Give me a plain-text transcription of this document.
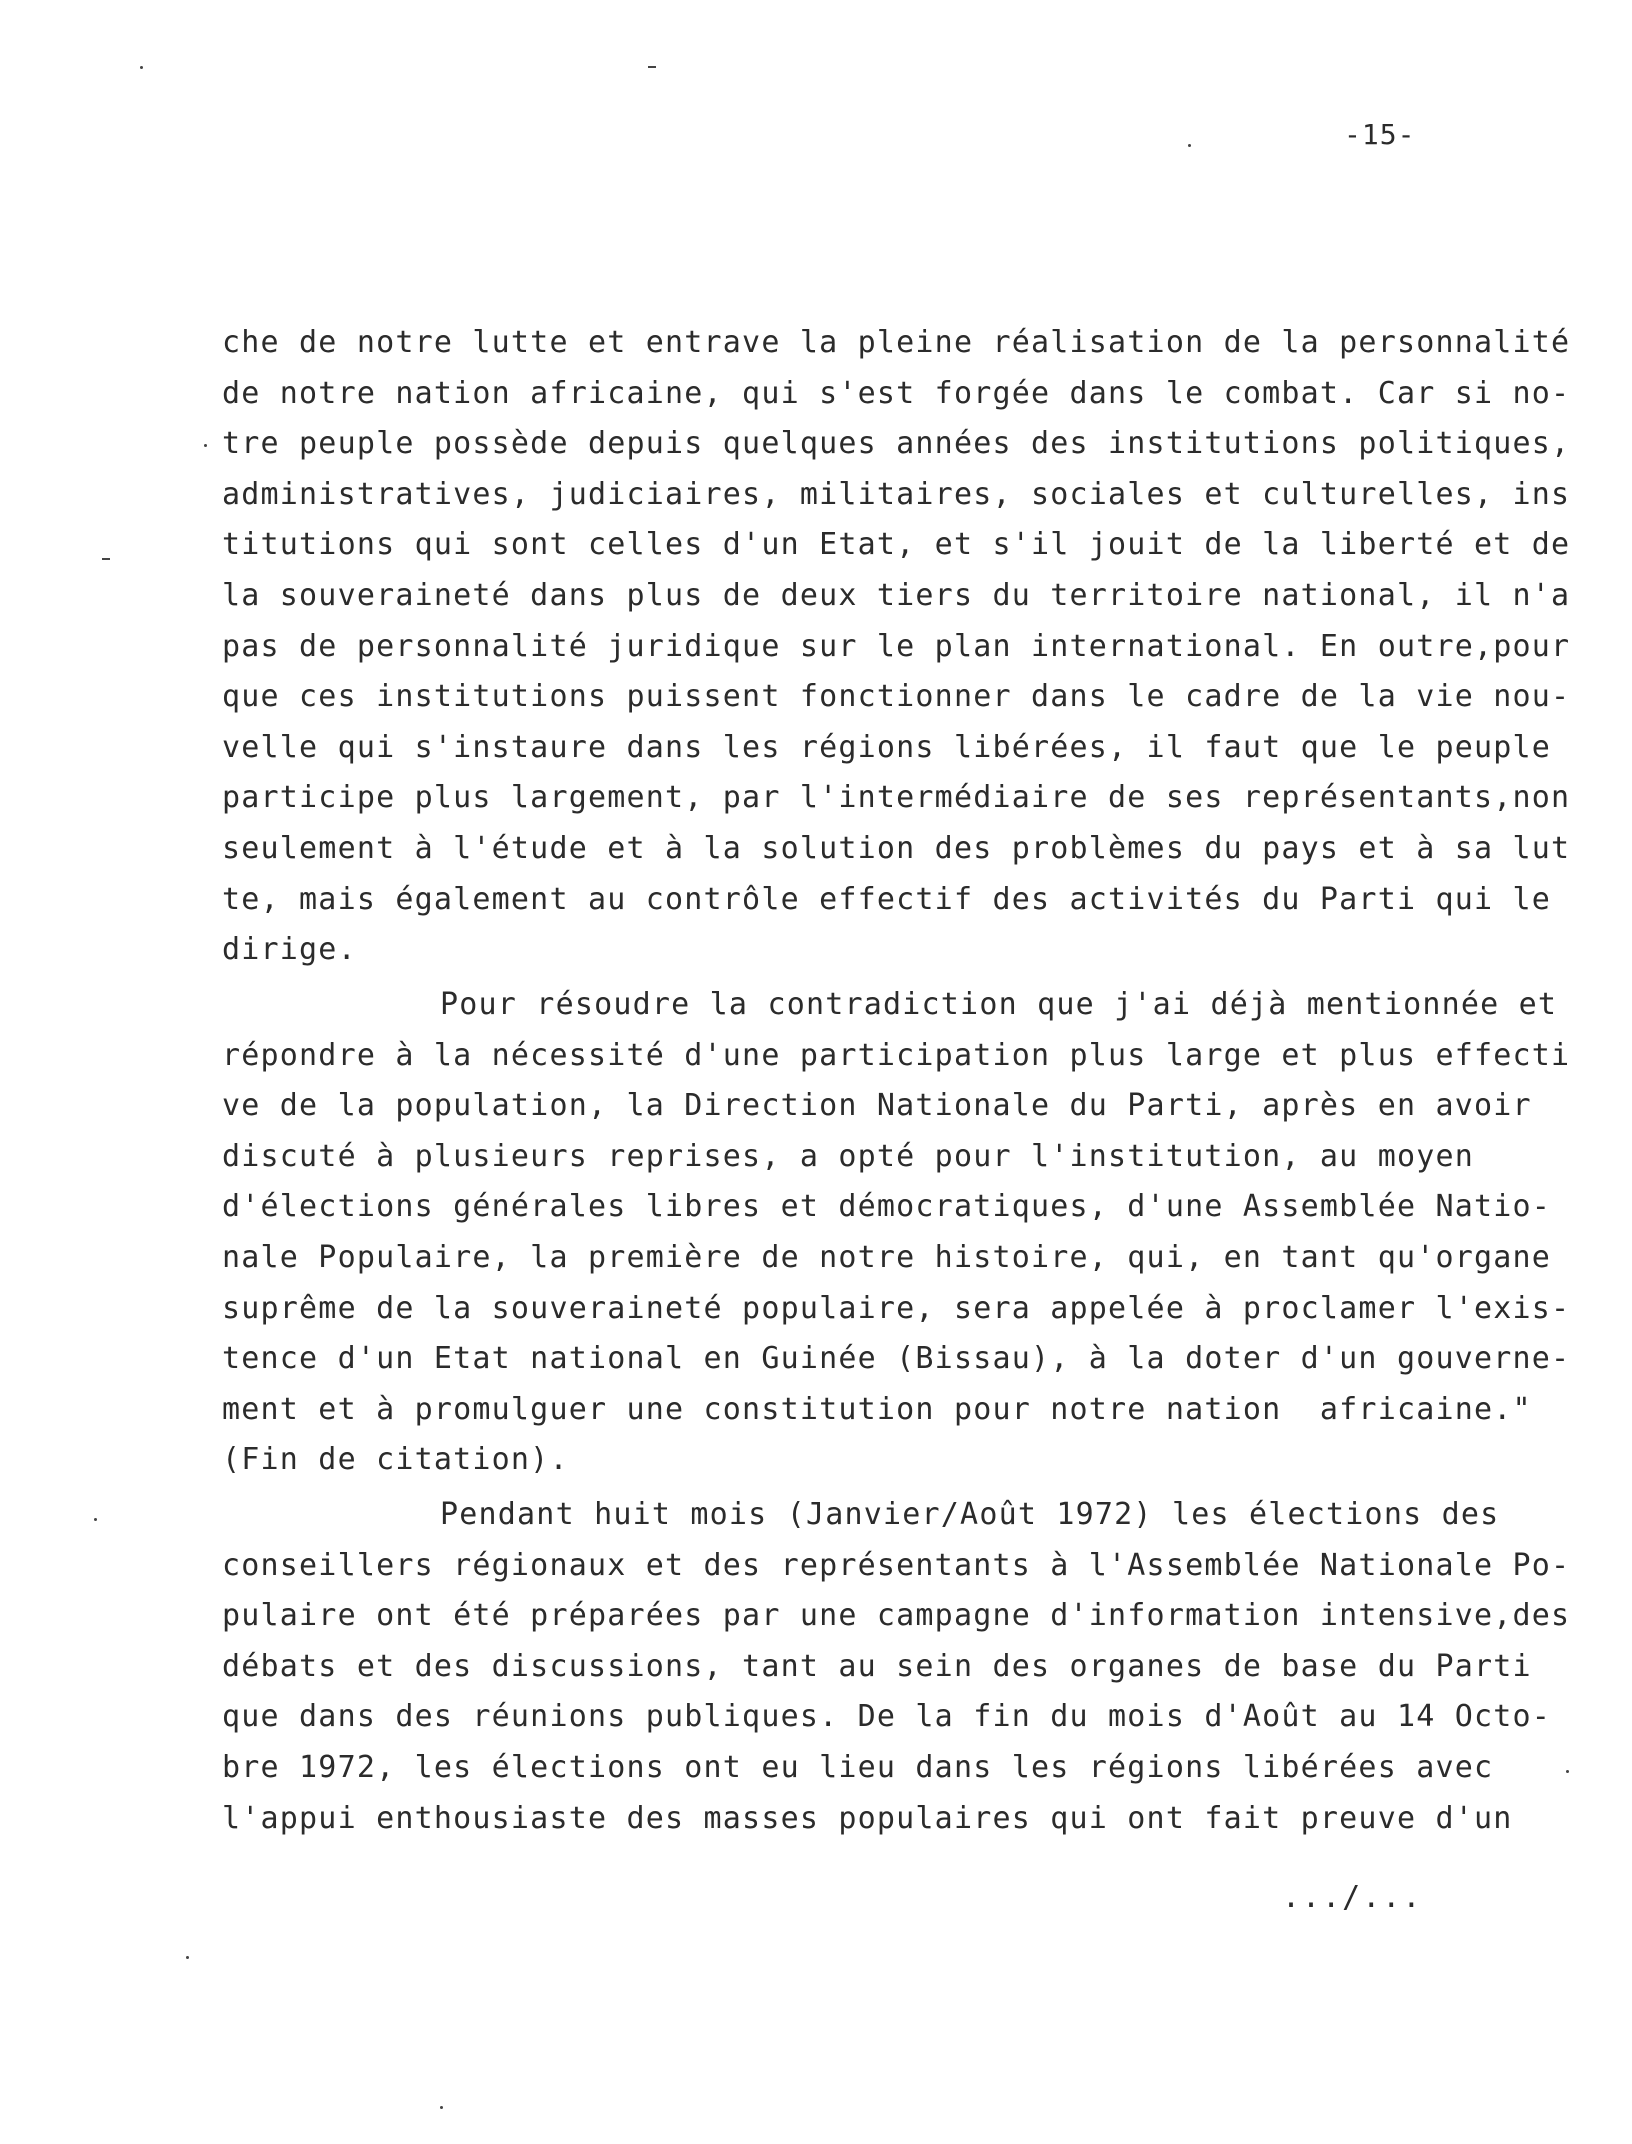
-15-
che de notre lutte et entrave la pleine réalisation de la personnalité
de notre nation africaine, qui s'est forgée dans le combat. Car si no-
tre peuple possède depuis quelques années des institutions politiques,
administratives, judiciaires, militaires, sociales et culturelles, ins
titutions qui sont celles d'un Etat, et s'il jouit de la liberté et de
la souveraineté dans plus de deux tiers du territoire national, il n'a
pas de personnalité juridique sur le plan international. En outre,pour
que ces institutions puissent fonctionner dans le cadre de la vie nou-
velle qui s'instaure dans les régions libérées, il faut que le peuple
participe plus largement, par l'intermédiaire de ses représentants,non
seulement à l'étude et à la solution des problèmes du pays et à sa lut
te, mais également au contrôle effectif des activités du Parti qui le
dirige.
Pour résoudre la contradiction que j'ai déjà mentionnée et
répondre à la nécessité d'une participation plus large et plus effecti
ve de la population, la Direction Nationale du Parti, après en avoir
discuté à plusieurs reprises, a opté pour l'institution, au moyen
d'élections générales libres et démocratiques, d'une Assemblée Natio-
nale Populaire, la première de notre histoire, qui, en tant qu'organe
suprême de la souveraineté populaire, sera appelée à proclamer l'exis-
tence d'un Etat national en Guinée (Bissau), à la doter d'un gouverne-
ment et à promulguer une constitution pour notre nation  africaine."
(Fin de citation).
Pendant huit mois (Janvier/Août 1972) les élections des
conseillers régionaux et des représentants à l'Assemblée Nationale Po-
pulaire ont été préparées par une campagne d'information intensive,des
débats et des discussions, tant au sein des organes de base du Parti
que dans des réunions publiques. De la fin du mois d'Août au 14 Octo-
bre 1972, les élections ont eu lieu dans les régions libérées avec
l'appui enthousiaste des masses populaires qui ont fait preuve d'un
.../...
